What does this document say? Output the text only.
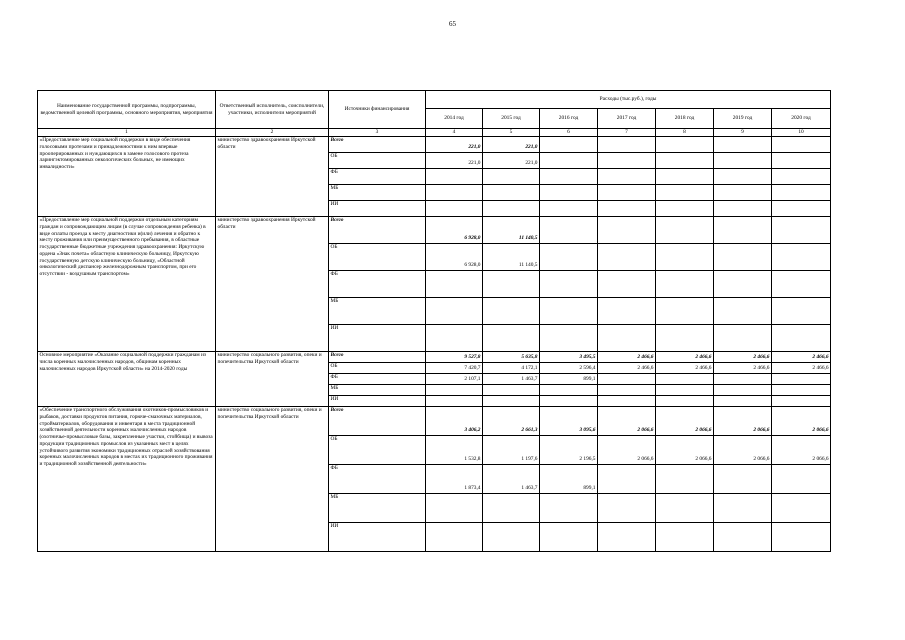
65
Наименование государственной программы, подпрограммы, ведомственной целевой программы, основного мероприятия, мероприятия	Ответственный исполнитель, соисполнители, участники, исполнители мероприятий	Источники финансирования	Расходы (тыс.руб.), годы						
			2014 год	2015 год	2016 год	2017 год	2018 год	2019 год	2020 год
1	2	3	4	5	6	7	8	9	10
«Предоставление мер социальной поддержки в виде обеспечения голосовыми протезами и принадлежностями к ним впервые прооперированных и нуждающихся в замене голосового протеза ларингэктомированных онкологических больных, не имеющих инвалидности»	министерство здравоохранения Иркутской области	Всего	221,0	221,0					
		ОБ	221,0	221,0					
		ФБ							
		МБ							
		ИИ							
«Предоставление мер социальной поддержки отдельным категориям граждан и сопровождающим лицам (в случае сопровождения ребенка) в виде оплаты проезда к месту диагностики и(или) лечения и обратно к месту проживания или преимущественного пребывания, в областные государственные бюджетные учреждения здравоохранения: Иркутскую ордена «Знак почета» областную клиническую больницу, Иркутскую государственную детскую клиническую больницу, «Областной онкологический диспансер железнодорожным транспортом, при его отсутствии - воздушным транспортом»	министерство здравоохранения Иркутской области	Всего	6 928,0	11 140,5					
		ОБ	6 928,0	11 140,5					
		ФБ							
		МБ							
		ИИ							
Основное мероприятие «Оказание социальной поддержки гражданам из числа коренных малочисленных народов, общинам коренных малочисленных народов Иркутской области» на 2014-2020 годы	министерство социального развития, опеки и попечительства Иркутской области	Всего	9 527,8	5 635,8	3 495,5	2 466,6	2 466,6	2 466,6	2 466,6
		ОБ	7 420,7	4 172,1	2 596,4	2 466,6	2 466,6	2 466,6	2 466,6
		ФБ	2 107,1	1 463,7	899,1				
		МБ							
		ИИ							
«Обеспечение транспортного обслуживания охотников-промысловиков и рыбаков, доставки продуктов питания, горюче-смазочных материалов, стройматериалов, оборудования и инвентаря в места традиционной хозяйственной деятельности коренных малочисленных народов (охотничье-промысловые базы, закрепленные участки, стойбища) и вывоза продукции традиционных промыслов из указанных мест в целях устойчивого развития экономики традиционных отраслей хозяйствования коренных малочисленных народов в местах их традиционного проживания и традиционной хозяйственной деятельности»	министерство социального развития, опеки и попечительства Иркутской области	Всего	3 406,2	2 661,3	3 095,6	2 066,6	2 066,6	2 066,6	2 066,6
		ОБ	1 532,8	1 197,6	2 196,5	2 066,6	2 066,6	2 066,6	2 066,6
		ФБ	1 873,4	1 463,7	899,1				
		МБ							
		ИИ							
